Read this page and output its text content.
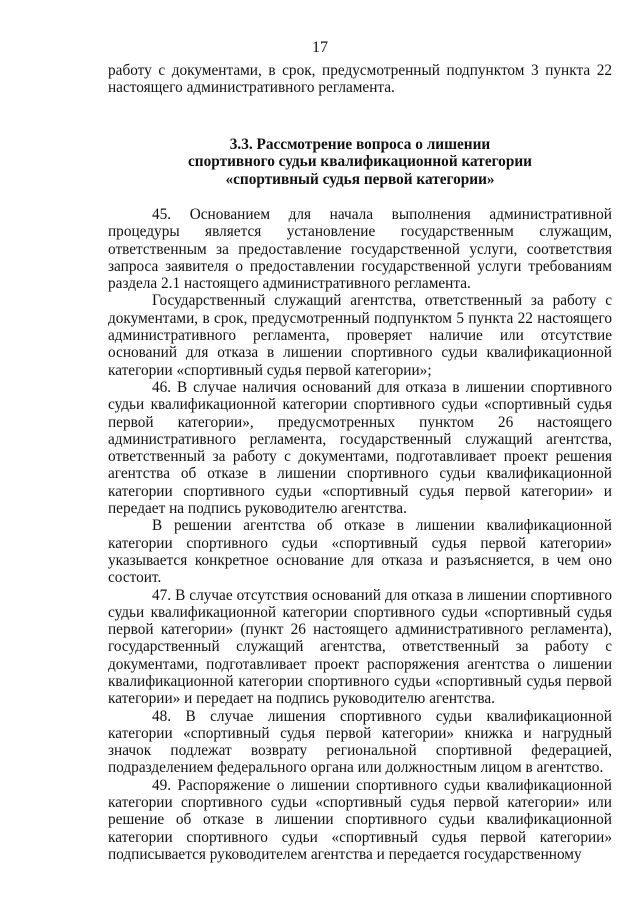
17

работу с документами, в срок, предусмотренный подпунктом 3 пункта 22 настоящего административного регламента.

3.3. Рассмотрение вопроса о лишении
спортивного судьи квалификационной категории
«спортивный судья первой категории»

45. Основанием для начала выполнения административной процедуры является установление государственным служащим, ответственным за предоставление государственной услуги, соответствия запроса заявителя о предоставлении государственной услуги требованиям раздела 2.1 настоящего административного регламента.

Государственный служащий агентства, ответственный за работу с документами, в срок, предусмотренный подпунктом 5 пункта 22 настоящего административного регламента, проверяет наличие или отсутствие оснований для отказа в лишении спортивного судьи квалификационной категории «спортивный судья первой категории»;

46. В случае наличия оснований для отказа в лишении спортивного судьи квалификационной категории спортивного судьи «спортивный судья первой категории», предусмотренных пунктом 26 настоящего административного регламента, государственный служащий агентства, ответственный за работу с документами, подготавливает проект решения агентства об отказе в лишении спортивного судьи квалификационной категории спортивного судьи «спортивный судья первой категории» и передает на подпись руководителю агентства.

В решении агентства об отказе в лишении квалификационной категории спортивного судьи «спортивный судья первой категории» указывается конкретное основание для отказа и разъясняется, в чем оно состоит.

47. В случае отсутствия оснований для отказа в лишении спортивного судьи квалификационной категории спортивного судьи «спортивный судья первой категории» (пункт 26 настоящего административного регламента), государственный служащий агентства, ответственный за работу с документами, подготавливает проект распоряжения агентства о лишении квалификационной категории спортивного судьи «спортивный судья первой категории» и передает на подпись руководителю агентства.

48. В случае лишения спортивного судьи квалификационной категории «спортивный судья первой категории» книжка и нагрудный значок подлежат возврату региональной спортивной федерацией, подразделением федерального органа или должностным лицом в агентство.

49. Распоряжение о лишении спортивного судьи квалификационной категории спортивного судьи «спортивный судья первой категории» или решение об отказе в лишении спортивного судьи квалификационной категории спортивного судьи «спортивный судья первой категории» подписывается руководителем агентства и передается государственному
